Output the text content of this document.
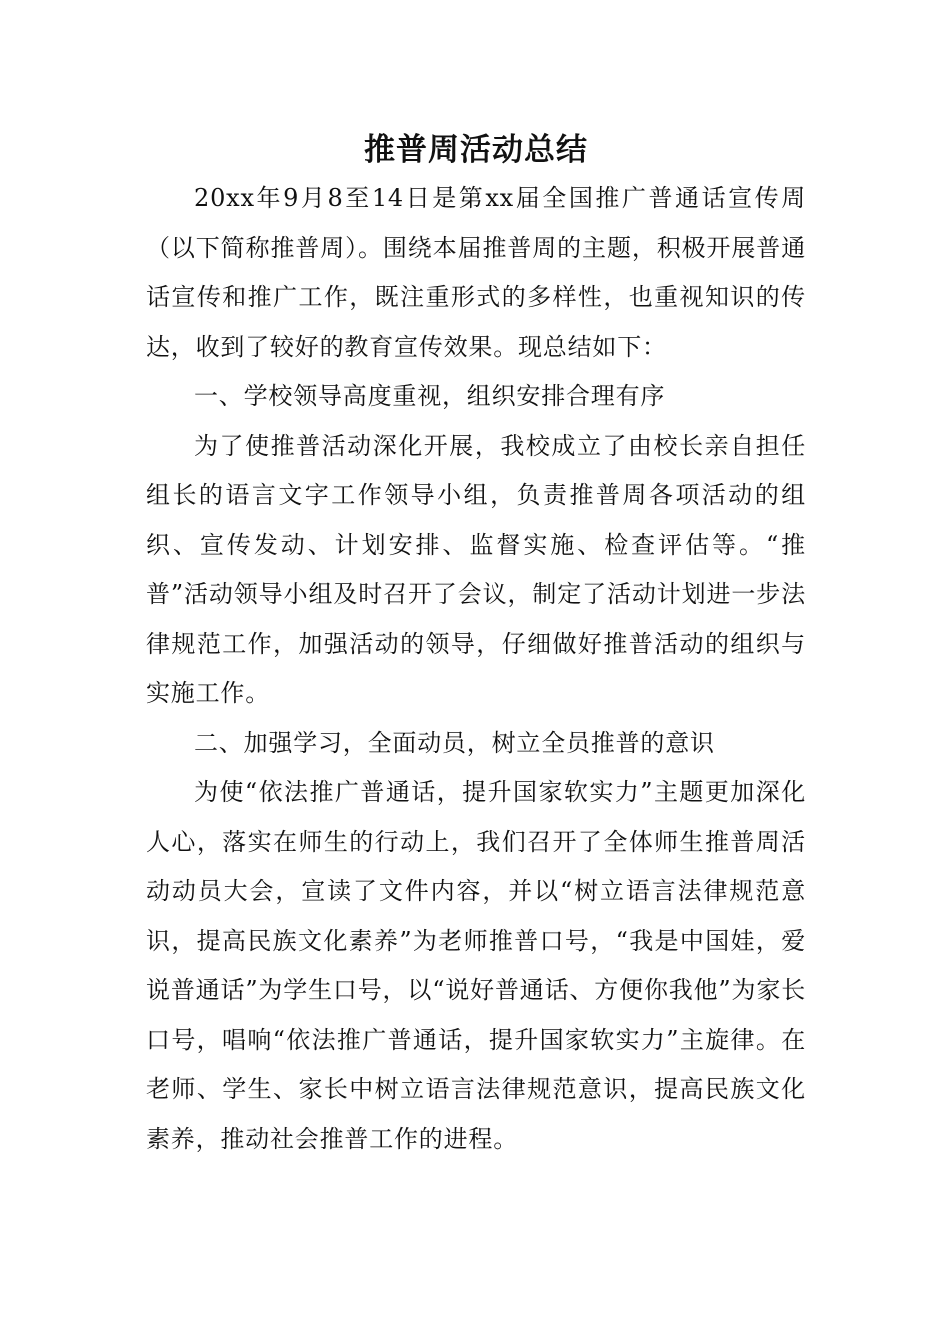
推普周活动总结

20xx年9月8至14日是第xx届全国推广普通话宣传周（以下简称推普周）。围绕本届推普周的主题，积极开展普通话宣传和推广工作，既注重形式的多样性，也重视知识的传达，收到了较好的教育宣传效果。现总结如下：

一、学校领导高度重视，组织安排合理有序

为了使推普活动深化开展，我校成立了由校长亲自担任组长的语言文字工作领导小组，负责推普周各项活动的组织、宣传发动、计划安排、监督实施、检查评估等。“推普”活动领导小组及时召开了会议，制定了活动计划进一步法律规范工作，加强活动的领导，仔细做好推普活动的组织与实施工作。

二、加强学习，全面动员，树立全员推普的意识

为使“依法推广普通话，提升国家软实力”主题更加深化人心，落实在师生的行动上，我们召开了全体师生推普周活动动员大会，宣读了文件内容，并以“树立语言法律规范意识，提高民族文化素养”为老师推普口号，“我是中国娃，爱说普通话”为学生口号，以“说好普通话、方便你我他”为家长口号，唱响“依法推广普通话，提升国家软实力”主旋律。在老师、学生、家长中树立语言法律规范意识，提高民族文化素养，推动社会推普工作的进程。
